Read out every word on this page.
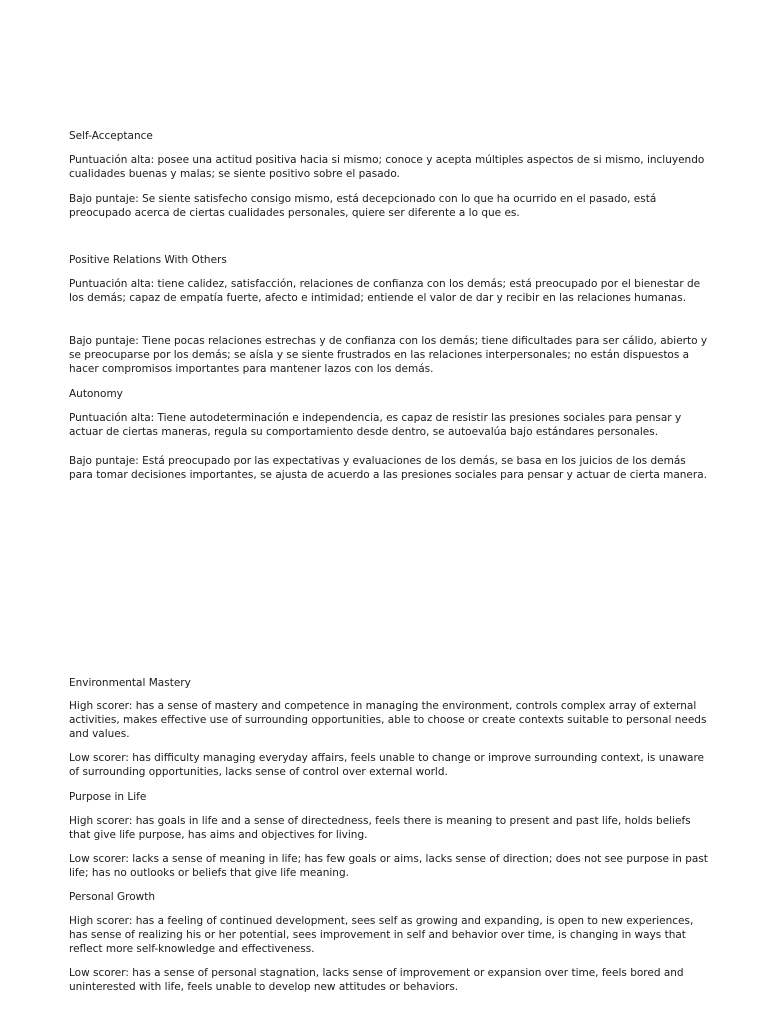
Self-Acceptance

Puntuación alta: posee una actitud positiva hacia si mismo; conoce y acepta múltiples aspectos de si mismo, incluyendo cualidades buenas y malas; se siente positivo sobre el pasado.

Bajo puntaje: Se siente satisfecho consigo mismo, está decepcionado con lo que ha ocurrido en el pasado, está preocupado acerca de ciertas cualidades personales, quiere ser diferente a lo que es.

Positive Relations With Others

Puntuación alta: tiene calidez, satisfacción, relaciones de confianza con los demás; está preocupado por el bienestar de los demás; capaz de empatía fuerte, afecto e intimidad; entiende el valor de dar y recibir en las relaciones humanas.

Bajo puntaje: Tiene pocas relaciones estrechas y de confianza con los demás; tiene dificultades para ser cálido, abierto y se preocuparse por los demás; se aísla y se siente frustrados en las relaciones interpersonales; no están dispuestos a hacer compromisos importantes para mantener lazos con los demás.

Autonomy

Puntuación alta: Tiene autodeterminación e independencia, es capaz de resistir las presiones sociales para pensar y actuar de ciertas maneras, regula su comportamiento desde dentro, se autoevalúa bajo estándares personales.

Bajo puntaje: Está preocupado por las expectativas y evaluaciones de los demás, se basa en los juicios de los demás para tomar decisiones importantes, se ajusta de acuerdo a las presiones sociales para pensar y actuar de cierta manera.

Environmental Mastery

High scorer: has a sense of mastery and competence in managing the environment, controls complex array of external activities, makes effective use of surrounding opportunities, able to choose or create contexts suitable to personal needs and values.

Low scorer: has difficulty managing everyday affairs, feels unable to change or improve surrounding context, is unaware of surrounding opportunities, lacks sense of control over external world.

Purpose in Life

High scorer: has goals in life and a sense of directedness, feels there is meaning to present and past life, holds beliefs that give life purpose, has aims and objectives for living.

Low scorer: lacks a sense of meaning in life; has few goals or aims, lacks sense of direction; does not see purpose in past life; has no outlooks or beliefs that give life meaning.

Personal Growth

High scorer: has a feeling of continued development, sees self as growing and expanding, is open to new experiences, has sense of realizing his or her potential, sees improvement in self and behavior over time, is changing in ways that reflect more self-knowledge and effectiveness.

Low scorer: has a sense of personal stagnation, lacks sense of improvement or expansion over time, feels bored and uninterested with life, feels unable to develop new attitudes or behaviors.
